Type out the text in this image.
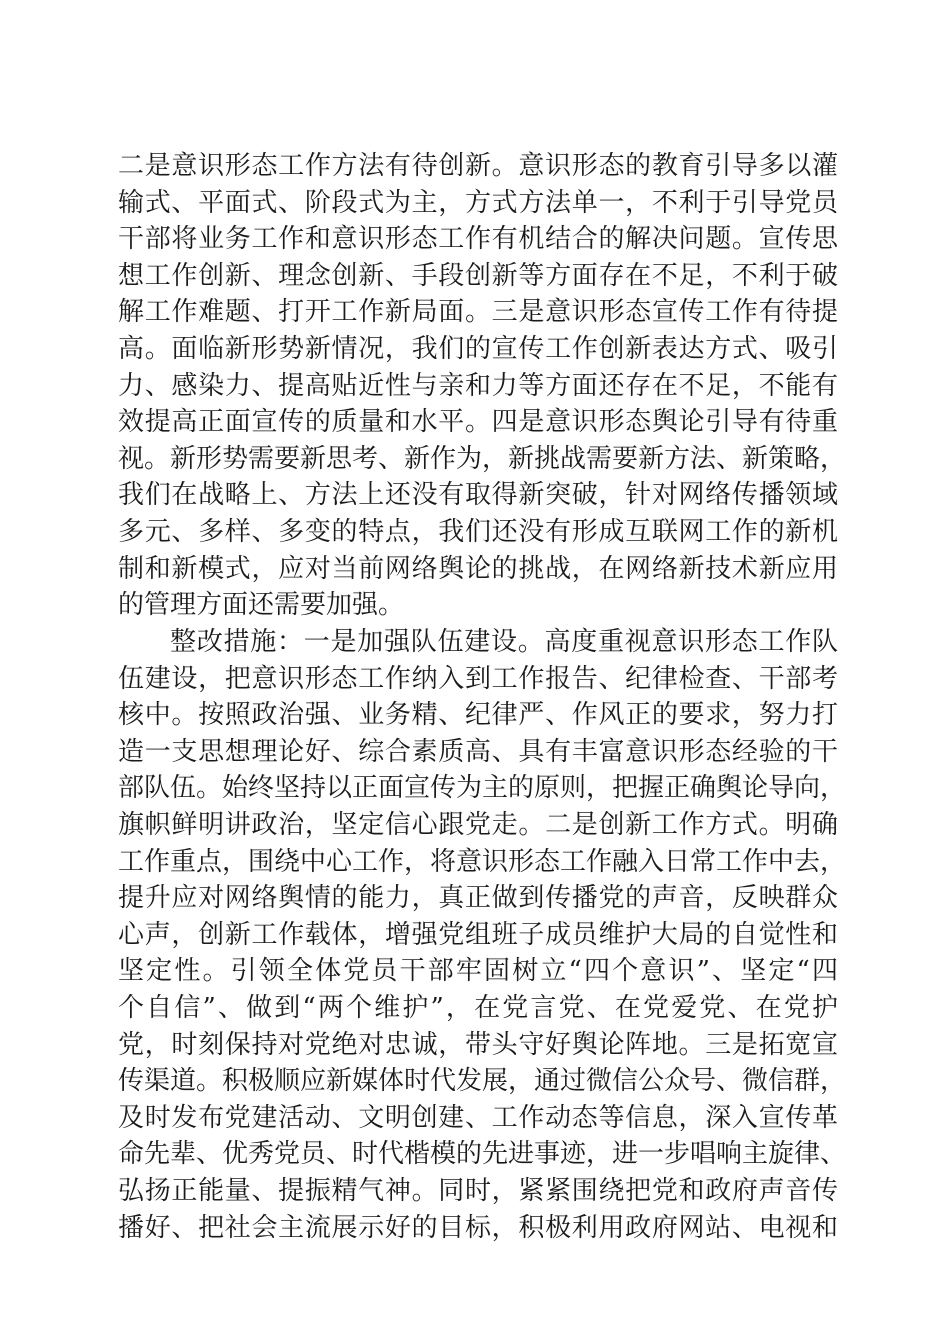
二是意识形态工作方法有待创新。意识形态的教育引导多以灌
输式、平面式、阶段式为主，方式方法单一，不利于引导党员
干部将业务工作和意识形态工作有机结合的解决问题。宣传思
想工作创新、理念创新、手段创新等方面存在不足，不利于破
解工作难题、打开工作新局面。三是意识形态宣传工作有待提
高。面临新形势新情况，我们的宣传工作创新表达方式、吸引
力、感染力、提高贴近性与亲和力等方面还存在不足，不能有
效提高正面宣传的质量和水平。四是意识形态舆论引导有待重
视。新形势需要新思考、新作为，新挑战需要新方法、新策略，
我们在战略上、方法上还没有取得新突破，针对网络传播领域
多元、多样、多变的特点，我们还没有形成互联网工作的新机
制和新模式，应对当前网络舆论的挑战，在网络新技术新应用
的管理方面还需要加强。
整改措施：一是加强队伍建设。高度重视意识形态工作队
伍建设，把意识形态工作纳入到工作报告、纪律检查、干部考
核中。按照政治强、业务精、纪律严、作风正的要求，努力打
造一支思想理论好、综合素质高、具有丰富意识形态经验的干
部队伍。始终坚持以正面宣传为主的原则，把握正确舆论导向，
旗帜鲜明讲政治，坚定信心跟党走。二是创新工作方式。明确
工作重点，围绕中心工作，将意识形态工作融入日常工作中去，
提升应对网络舆情的能力，真正做到传播党的声音，反映群众
心声，创新工作载体，增强党组班子成员维护大局的自觉性和
坚定性。引领全体党员干部牢固树立“四个意识”、坚定“四
个自信”、做到“两个维护”，在党言党、在党爱党、在党护
党，时刻保持对党绝对忠诚，带头守好舆论阵地。三是拓宽宣
传渠道。积极顺应新媒体时代发展，通过微信公众号、微信群，
及时发布党建活动、文明创建、工作动态等信息，深入宣传革
命先辈、优秀党员、时代楷模的先进事迹，进一步唱响主旋律、
弘扬正能量、提振精气神。同时，紧紧围绕把党和政府声音传
播好、把社会主流展示好的目标，积极利用政府网站、电视和
